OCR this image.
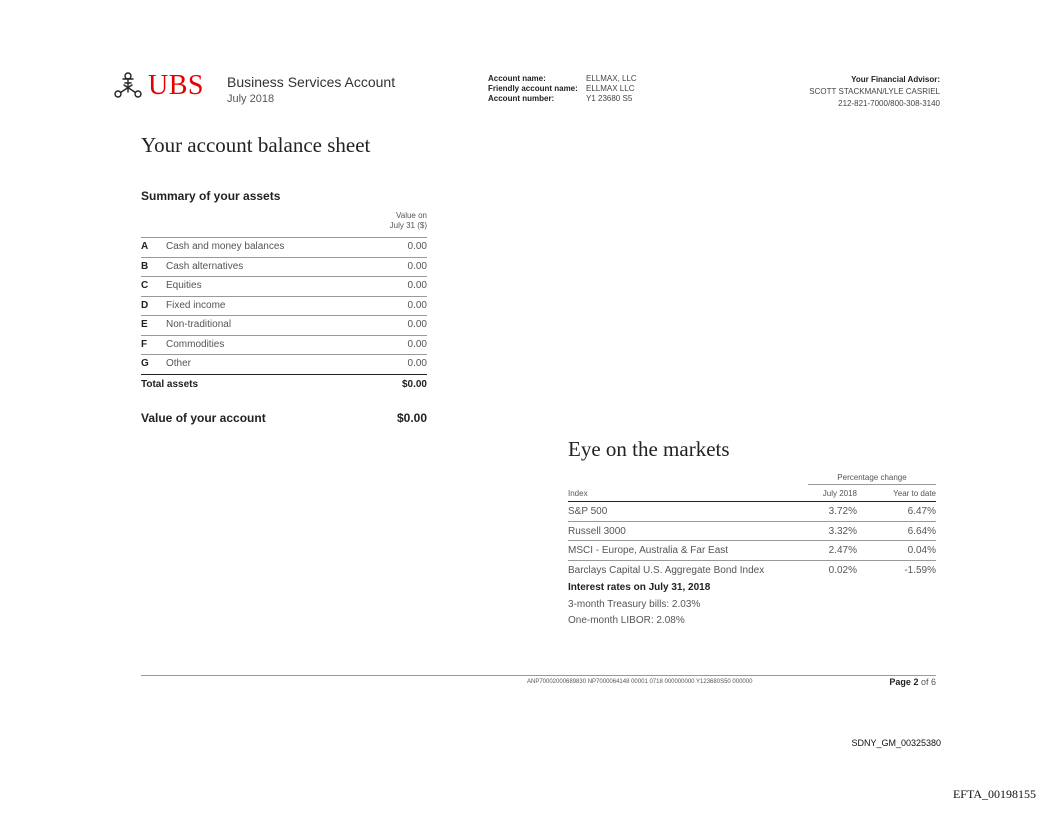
UBS Business Services Account
July 2018
Account name:	ELLMAX, LLC
Friendly account name:	ELLMAX LLC
Account number:	Y1 23680 S5
Your Financial Advisor:
SCOTT STACKMAN/LYLE CASRIEL
212-821-7000/800-308-3140
Your account balance sheet
Summary of your assets
Value on
July 31 ($)
A Cash and money balances	0.00
B Cash alternatives	0.00
C Equities	0.00
D Fixed income	0.00
E Non-traditional	0.00
F Commodities	0.00
G Other	0.00
Total assets	$0.00
Value of your account	$0.00
Eye on the markets
Percentage change
Index	July 2018	Year to date
S&P 500	3.72%	6.47%
Russell 3000	3.32%	6.64%
MSCI - Europe, Australia & Far East	2.47%	0.04%
Barclays Capital U.S. Aggregate Bond Index	0.02%	-1.59%
Interest rates on July 31, 2018
3-month Treasury bills: 2.03%
One-month LIBOR: 2.08%
ANP70002000689830 NP7000064148 00001 0718 000000000 Y123680S50 000000	Page 2 of 6
SDNY_GM_00325380
EFTA_00198155
